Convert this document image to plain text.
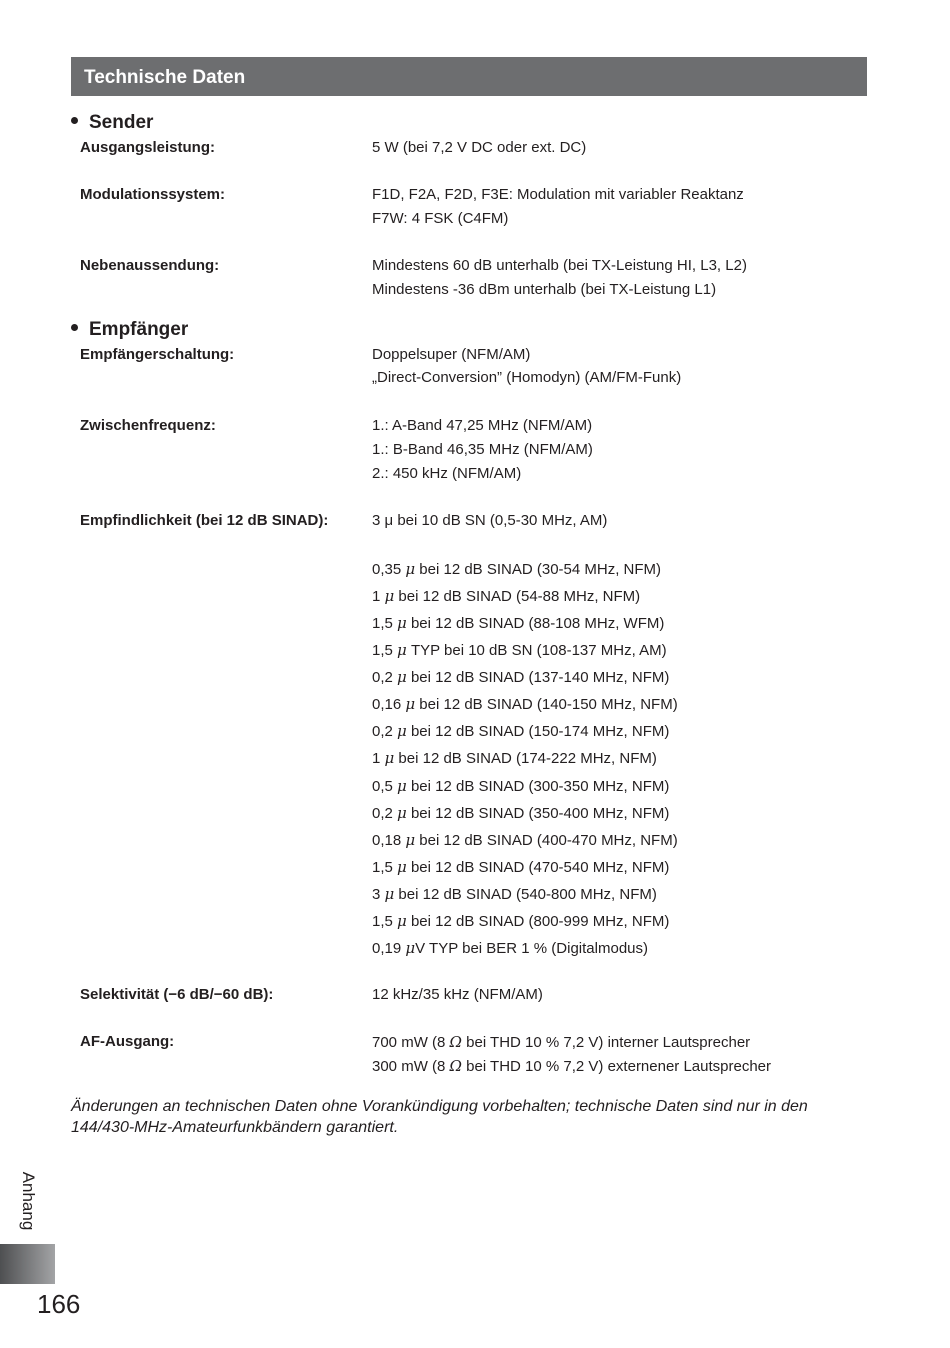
Technische Daten
Sender
Ausgangsleistung:	5 W (bei 7,2 V DC oder ext. DC)
Modulationssystem:	F1D, F2A, F2D, F3E: Modulation mit variabler Reaktanz
F7W: 4 FSK (C4FM)
Nebenaussendung:	Mindestens 60 dB unterhalb (bei TX-Leistung HI, L3, L2)
Mindestens -36 dBm unterhalb (bei TX-Leistung L1)
Empfänger
Empfängerschaltung:	Doppelsuper (NFM/AM)
„Direct-Conversion” (Homodyn) (AM/FM-Funk)
Zwischenfrequenz:	1.: A-Band 47,25 MHz (NFM/AM)
1.: B-Band 46,35 MHz (NFM/AM)
2.: 450 kHz (NFM/AM)
Empfindlichkeit (bei 12 dB SINAD):	3 μ bei 10 dB SN (0,5-30 MHz, AM)
0,35 μ bei 12 dB SINAD (30-54 MHz, NFM)
1 μ bei 12 dB SINAD (54-88 MHz, NFM)
1,5 μ bei 12 dB SINAD (88-108 MHz, WFM)
1,5 μ TYP bei 10 dB SN (108-137 MHz, AM)
0,2 μ bei 12 dB SINAD (137-140 MHz, NFM)
0,16 μ bei 12 dB SINAD (140-150 MHz, NFM)
0,2 μ bei 12 dB SINAD (150-174 MHz, NFM)
1 μ bei 12 dB SINAD (174-222 MHz, NFM)
0,5 μ bei 12 dB SINAD (300-350 MHz, NFM)
0,2 μ bei 12 dB SINAD (350-400 MHz, NFM)
0,18 μ bei 12 dB SINAD (400-470 MHz, NFM)
1,5 μ bei 12 dB SINAD (470-540 MHz, NFM)
3 μ bei 12 dB SINAD (540-800 MHz, NFM)
1,5 μ bei 12 dB SINAD (800-999 MHz, NFM)
0,19 μV TYP bei BER 1 % (Digitalmodus)
Selektivität (−6 dB/−60 dB):	12 kHz/35 kHz (NFM/AM)
AF-Ausgang:	700 mW (8 Ω bei THD 10 % 7,2 V) interner Lautsprecher
300 mW (8 Ω bei THD 10 % 7,2 V) externener Lautsprecher
Änderungen an technischen Daten ohne Vorankündigung vorbehalten; technische Daten sind nur in den 144/430-MHz-Amateurfunkbändern garantiert.
Anhang
166
